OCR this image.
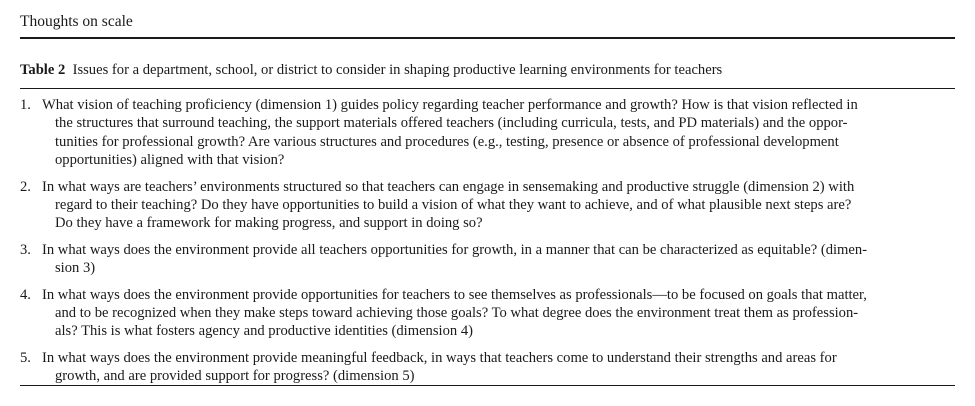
Thoughts on scale
Table 2 Issues for a department, school, or district to consider in shaping productive learning environments for teachers
1. What vision of teaching proficiency (dimension 1) guides policy regarding teacher performance and growth? How is that vision reflected in
the structures that surround teaching, the support materials offered teachers (including curricula, tests, and PD materials) and the oppor-
tunities for professional growth? Are various structures and procedures (e.g., testing, presence or absence of professional development
opportunities) aligned with that vision?
2. In what ways are teachers’ environments structured so that teachers can engage in sensemaking and productive struggle (dimension 2) with
regard to their teaching? Do they have opportunities to build a vision of what they want to achieve, and of what plausible next steps are?
Do they have a framework for making progress, and support in doing so?
3. In what ways does the environment provide all teachers opportunities for growth, in a manner that can be characterized as equitable? (dimen-
sion 3)
4. In what ways does the environment provide opportunities for teachers to see themselves as professionals—to be focused on goals that matter,
and to be recognized when they make steps toward achieving those goals? To what degree does the environment treat them as profession-
als? This is what fosters agency and productive identities (dimension 4)
5. In what ways does the environment provide meaningful feedback, in ways that teachers come to understand their strengths and areas for
growth, and are provided support for progress? (dimension 5)
